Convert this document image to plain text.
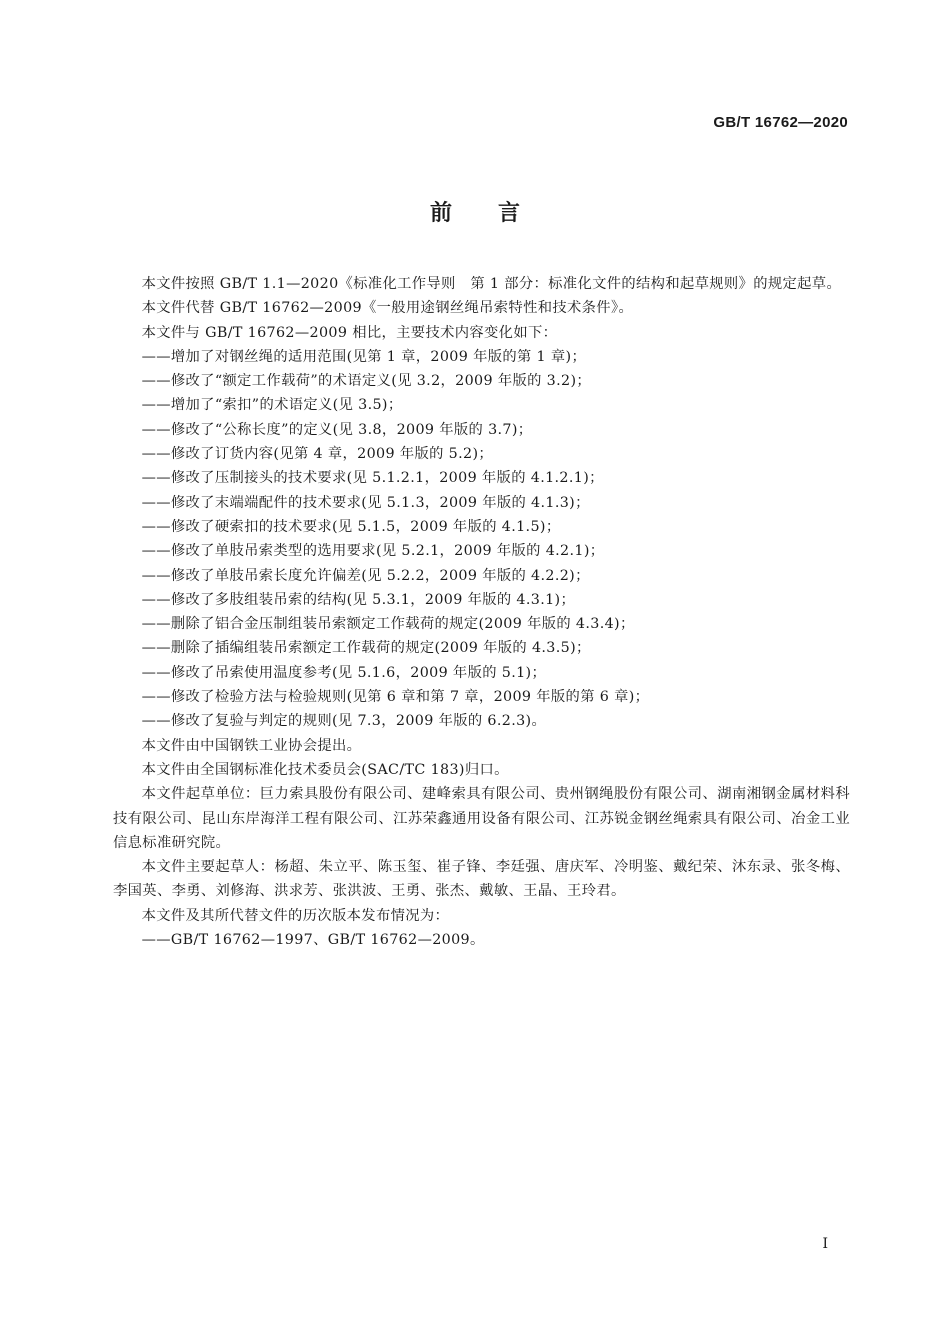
GB/T 16762—2020
前言

本文件按照 GB/T 1.1—2020《标准化工作导则　第 1 部分：标准化文件的结构和起草规则》的规定起草。

本文件代替 GB/T 16762—2009《一般用途钢丝绳吊索特性和技术条件》。

本文件与 GB/T 16762—2009 相比，主要技术内容变化如下：

——增加了对钢丝绳的适用范围(见第 1 章，2009 年版的第 1 章)；

——修改了“额定工作载荷”的术语定义(见 3.2，2009 年版的 3.2)；

——增加了“索扣”的术语定义(见 3.5)；

——修改了“公称长度”的定义(见 3.8，2009 年版的 3.7)；

——修改了订货内容(见第 4 章，2009 年版的 5.2)；

——修改了压制接头的技术要求(见 5.1.2.1，2009 年版的 4.1.2.1)；

——修改了末端端配件的技术要求(见 5.1.3，2009 年版的 4.1.3)；

——修改了硬索扣的技术要求(见 5.1.5，2009 年版的 4.1.5)；

——修改了单肢吊索类型的选用要求(见 5.2.1，2009 年版的 4.2.1)；

——修改了单肢吊索长度允许偏差(见 5.2.2，2009 年版的 4.2.2)；

——修改了多肢组装吊索的结构(见 5.3.1，2009 年版的 4.3.1)；

——删除了铝合金压制组装吊索额定工作载荷的规定(2009 年版的 4.3.4)；

——删除了插编组装吊索额定工作载荷的规定(2009 年版的 4.3.5)；

——修改了吊索使用温度参考(见 5.1.6，2009 年版的 5.1)；

——修改了检验方法与检验规则(见第 6 章和第 7 章，2009 年版的第 6 章)；

——修改了复验与判定的规则(见 7.3，2009 年版的 6.2.3)。

本文件由中国钢铁工业协会提出。

本文件由全国钢标准化技术委员会(SAC/TC 183)归口。

本文件起草单位：巨力索具股份有限公司、建峰索具有限公司、贵州钢绳股份有限公司、湖南湘钢金属材料科技有限公司、昆山东岸海洋工程有限公司、江苏荣鑫通用设备有限公司、江苏锐金钢丝绳索具有限公司、冶金工业信息标准研究院。

本文件主要起草人：杨超、朱立平、陈玉玺、崔子锋、李廷强、唐庆军、冷明鉴、戴纪荣、沐东录、张冬梅、李国英、李勇、刘修海、洪求芳、张洪波、王勇、张杰、戴敏、王晶、王玲君。

本文件及其所代替文件的历次版本发布情况为：

——GB/T 16762—1997、GB/T 16762—2009。

I
